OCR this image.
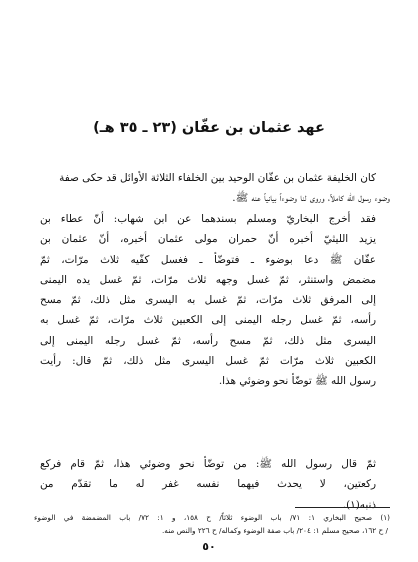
عهد عثمان بن عفّان (٢٣ ـ ٣٥ هـ)
كان الخليفة عثمان بن عفّان الوحيد بين الخلفاء الثلاثة الأوائل قد حكى صفة
وضوء رسول الله كاملاً، وروى لنا وضوءاً بيانياً عنه ﷺ.
فقد أخرج البخاريّ ومسلم بسندهما عن ابن شهاب: أنّ عطاء بن
يزيد الليثيّ أخبره أنّ حمران مولى عثمان أخبره، أنّ عثمان بن
عفّان ﷺ دعا بوضوء ـ فتوضّأ ـ فغسل كفّيه ثلاث مرّات، ثمّ
مضمض واستنثر، ثمّ غسل وجهه ثلاث مرّات، ثمّ غسل يده اليمنى
إلى المرفق ثلاث مرّات، ثمّ غسل به اليسرى مثل ذلك، ثمّ مسح
رأسه، ثمّ غسل رجله اليمنى إلى الكعبين ثلاث مرّات، ثمّ غسل به
اليسرى مثل ذلك، ثمّ مسح رأسه، ثمّ غسل رجله اليمنى إلى
الكعبين ثلاث مرّات ثمّ غسل اليسرى مثل ذلك، ثمّ قال: رأيت
رسول الله ﷺ توضّأ نحو وضوئي هذا.
ثمّ قال رسول الله ﷺ: من توضّأ نحو وضوئي هذا، ثمّ قام فركع
ركعتين، لا يحدث فيهما نفسه غفر له ما تقدّم من
ذنبه(١).
(١) صحيح البخاري ١: ٧١/ باب الوضوء ثلاثاً/ ح ١٥٨، و ١: ٧٢/ باب المضمضة في الوضوء
/ ح ١٦٢، صحيح مسلم ١: ٢٠٤/ باب صفة الوضوء وكماله/ ح ٢٢٦ والنص منه.
٥٠
